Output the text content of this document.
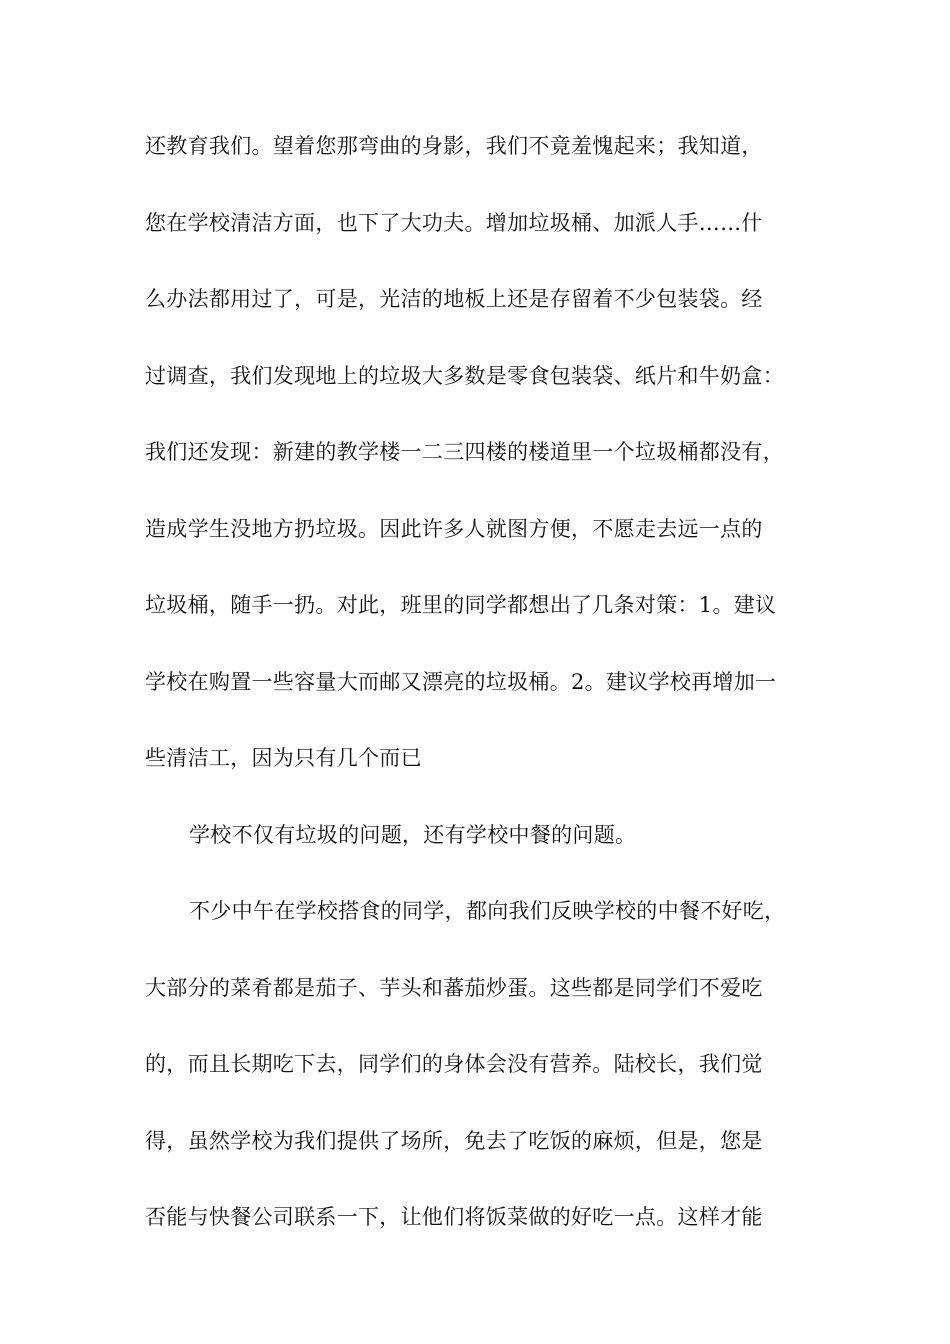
还教育我们。望着您那弯曲的身影，我们不竟羞愧起来；我知道，
您在学校清洁方面，也下了大功夫。增加垃圾桶、加派人手……什
么办法都用过了，可是，光洁的地板上还是存留着不少包装袋。经
过调查，我们发现地上的垃圾大多数是零食包装袋、纸片和牛奶盒：
我们还发现：新建的教学楼一二三四楼的楼道里一个垃圾桶都没有，
造成学生没地方扔垃圾。因此许多人就图方便，不愿走去远一点的
垃圾桶，随手一扔。对此，班里的同学都想出了几条对策：1。建议
学校在购置一些容量大而邮又漂亮的垃圾桶。2。建议学校再增加一
些清洁工，因为只有几个而已
学校不仅有垃圾的问题，还有学校中餐的问题。
不少中午在学校搭食的同学，都向我们反映学校的中餐不好吃，
大部分的菜肴都是茄子、芋头和蕃茄炒蛋。这些都是同学们不爱吃
的，而且长期吃下去，同学们的身体会没有营养。陆校长，我们觉
得，虽然学校为我们提供了场所，免去了吃饭的麻烦，但是，您是
否能与快餐公司联系一下，让他们将饭菜做的好吃一点。这样才能
